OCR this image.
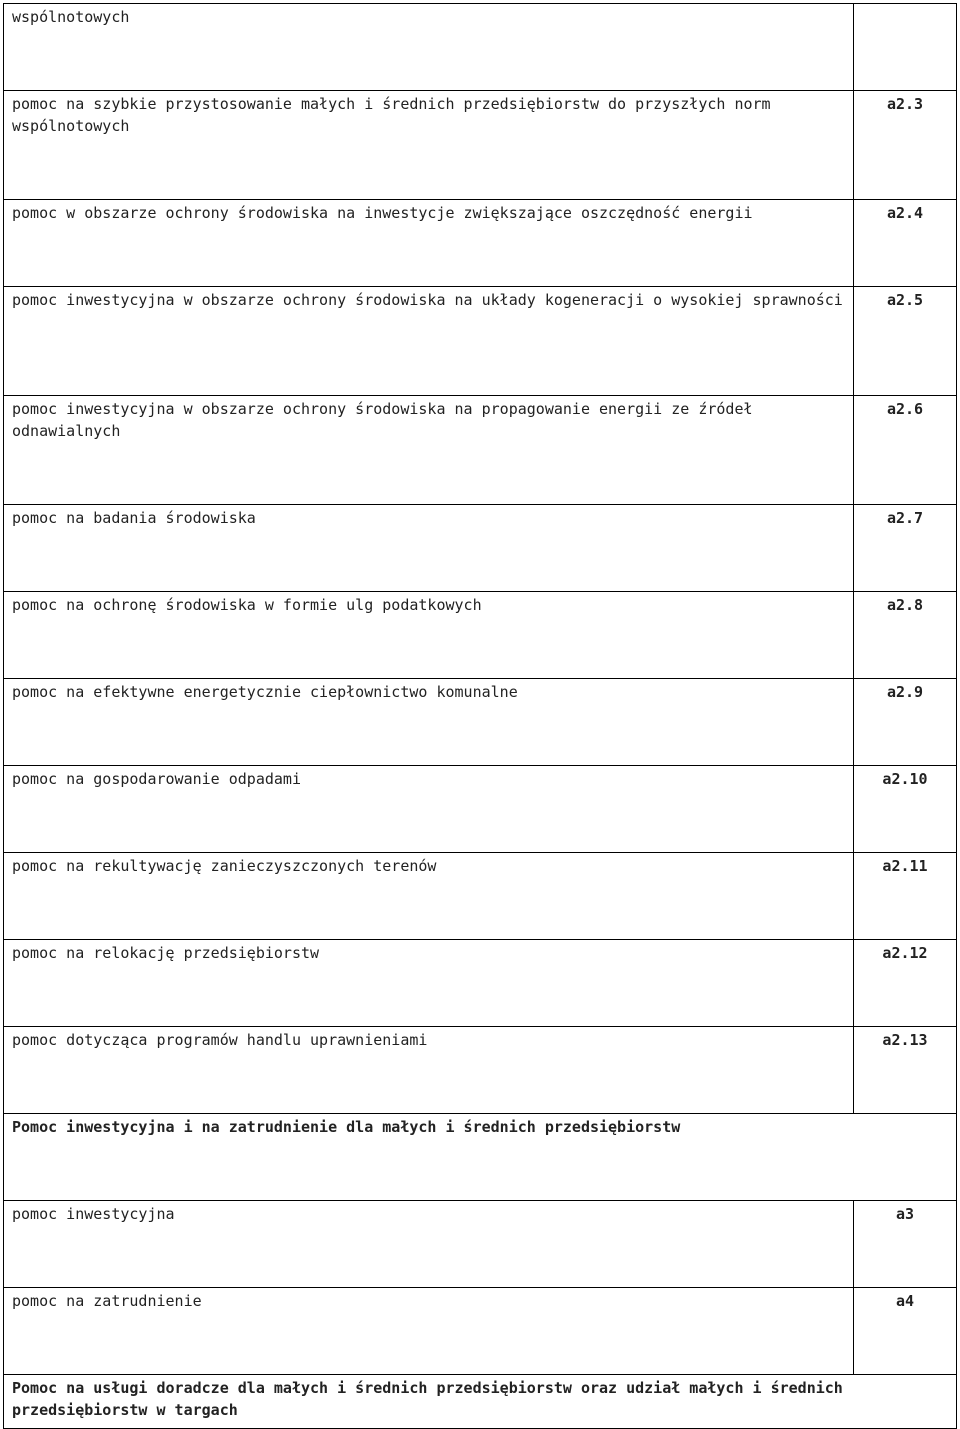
wspólnotowych	
pomoc na szybkie przystosowanie małych i średnich przedsiębiorstw do przyszłych norm wspólnotowych	a2.3
pomoc w obszarze ochrony środowiska na inwestycje zwiększające oszczędność energii	a2.4
pomoc inwestycyjna w obszarze ochrony środowiska na układy kogeneracji o wysokiej sprawności	a2.5
pomoc inwestycyjna w obszarze ochrony środowiska na propagowanie energii ze źródeł odnawialnych	a2.6
pomoc na badania środowiska	a2.7
pomoc na ochronę środowiska w formie ulg podatkowych	a2.8
pomoc na efektywne energetycznie ciepłownictwo komunalne	a2.9
pomoc na gospodarowanie odpadami	a2.10
pomoc na rekultywację zanieczyszczonych terenów	a2.11
pomoc na relokację przedsiębiorstw	a2.12
pomoc dotycząca programów handlu uprawnieniami	a2.13
Pomoc inwestycyjna i na zatrudnienie dla małych i średnich przedsiębiorstw	
pomoc inwestycyjna	a3
pomoc na zatrudnienie	a4
Pomoc na usługi doradcze dla małych i średnich przedsiębiorstw oraz udział małych i średnich przedsiębiorstw w targach	
